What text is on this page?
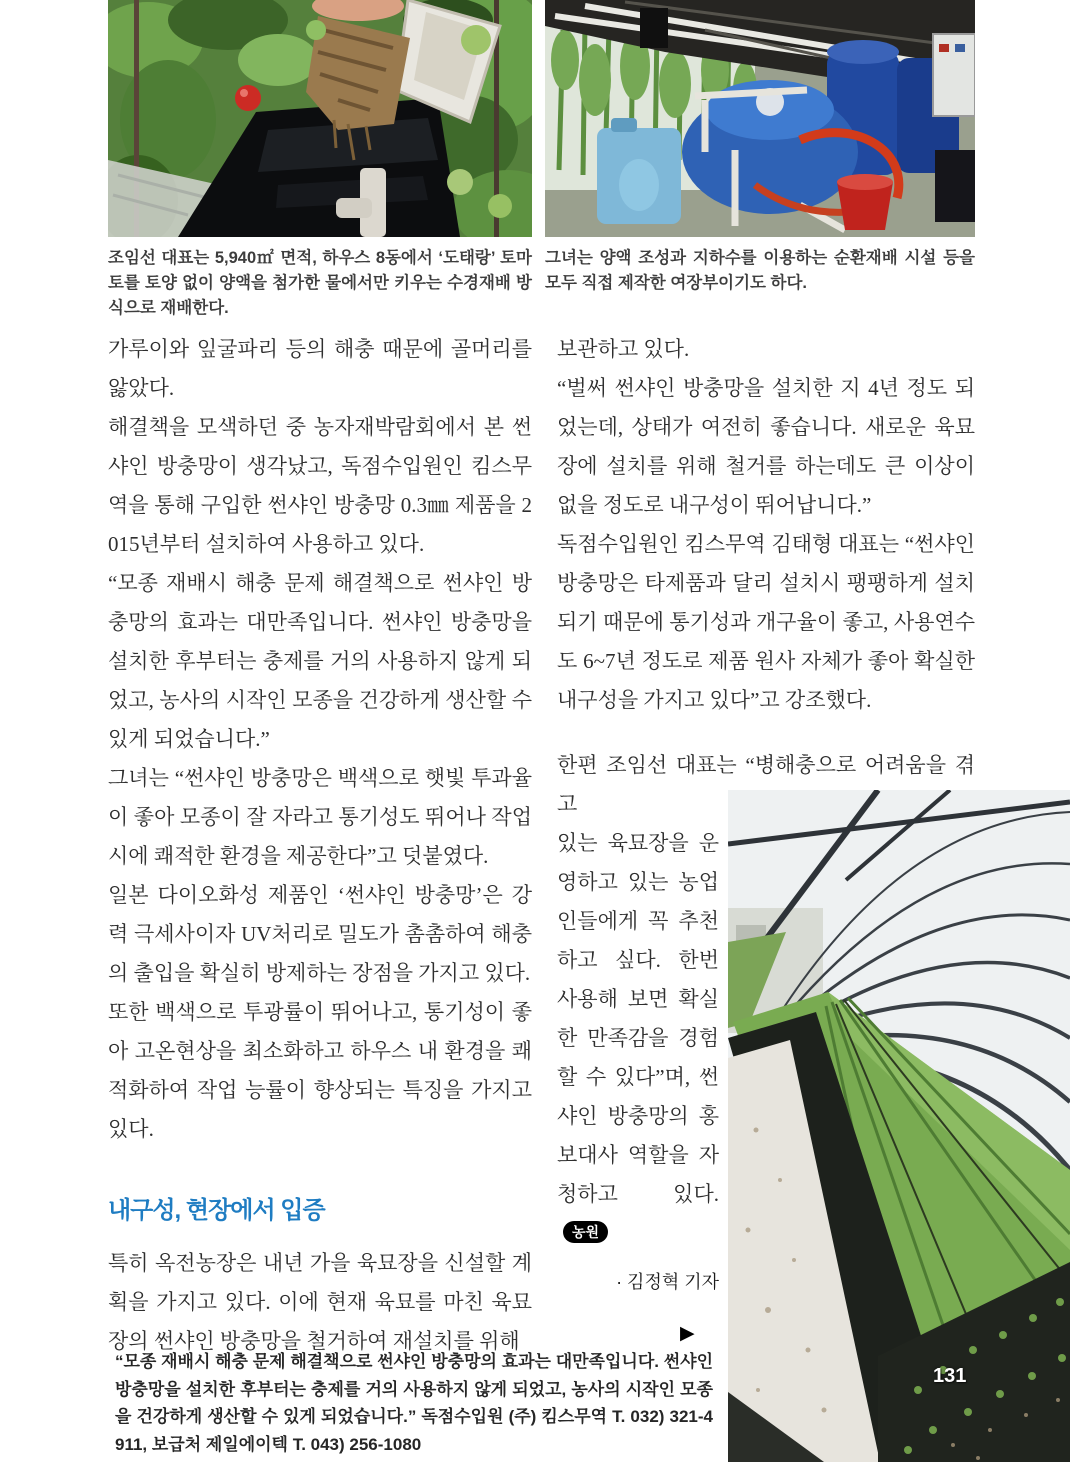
조임선 대표는 5,940㎡ 면적, 하우스 8동에서 ‘도태랑’ 토마토를 토양 없이 양액을 첨가한 물에서만 키우는 수경재배 방식으로 재배한다.

그녀는 양액 조성과 지하수를 이용하는 순환재배 시설 등을 모두 직접 제작한 여장부이기도 하다.

가루이와 잎굴파리 등의 해충 때문에 골머리를 앓았다.

해결책을 모색하던 중 농자재박람회에서 본 썬샤인 방충망이 생각났고, 독점수입원인 킴스무역을 통해 구입한 썬샤인 방충망 0.3㎜ 제품을 2015년부터 설치하여 사용하고 있다.

“모종 재배시 해충 문제 해결책으로 썬샤인 방충망의 효과는 대만족입니다. 썬샤인 방충망을 설치한 후부터는 충제를 거의 사용하지 않게 되었고, 농사의 시작인 모종을 건강하게 생산할 수 있게 되었습니다.”

그녀는 “썬샤인 방충망은 백색으로 햇빛 투과율이 좋아 모종이 잘 자라고 통기성도 뛰어나 작업시에 쾌적한 환경을 제공한다”고 덧붙였다.

일본 다이오화성 제품인 ‘썬샤인 방충망’은 강력 극세사이자 UV처리로 밀도가 촘촘하여 해충의 출입을 확실히 방제하는 장점을 가지고 있다.

또한 백색으로 투광률이 뛰어나고, 통기성이 좋아 고온현상을 최소화하고 하우스 내 환경을 쾌적화하여 작업 능률이 향상되는 특징을 가지고 있다.

내구성, 현장에서 입증

특히 옥전농장은 내년 가을 육묘장을 신설할 계획을 가지고 있다. 이에 현재 육묘를 마친 육묘장의 썬샤인 방충망을 철거하여 재설치를 위해

보관하고 있다.

“벌써 썬샤인 방충망을 설치한 지 4년 정도 되었는데, 상태가 여전히 좋습니다. 새로운 육묘장에 설치를 위해 철거를 하는데도 큰 이상이 없을 정도로 내구성이 뛰어납니다.”

독점수입원인 킴스무역 김태형 대표는 “썬샤인 방충망은 타제품과 달리 설치시 팽팽하게 설치되기 때문에 통기성과 개구율이 좋고, 사용연수도 6~7년 정도로 제품 원사 자체가 좋아 확실한 내구성을 가지고 있다”고 강조했다.

한편 조임선 대표는 “병해충으로 어려움을 겪고

있는 육묘장을 운영하고 있는 농업인들에게 꼭 추천하고 싶다. 한번 사용해 보면 확실한 만족감을 경험할 수 있다”며, 썬샤인 방충망의 홍보대사 역할을 자청하고 있다.농원

· 김정혁 기자

131
▶

“모종 재배시 해충 문제 해결책으로 썬샤인 방충망의 효과는 대만족입니다. 썬샤인 방충망을 설치한 후부터는 충제를 거의 사용하지 않게 되었고, 농사의 시작인 모종을 건강하게 생산할 수 있게 되었습니다.” 독점수입원 (주) 킴스무역 T. 032) 321-4911, 보급처 제일에이텍 T. 043) 256-1080
